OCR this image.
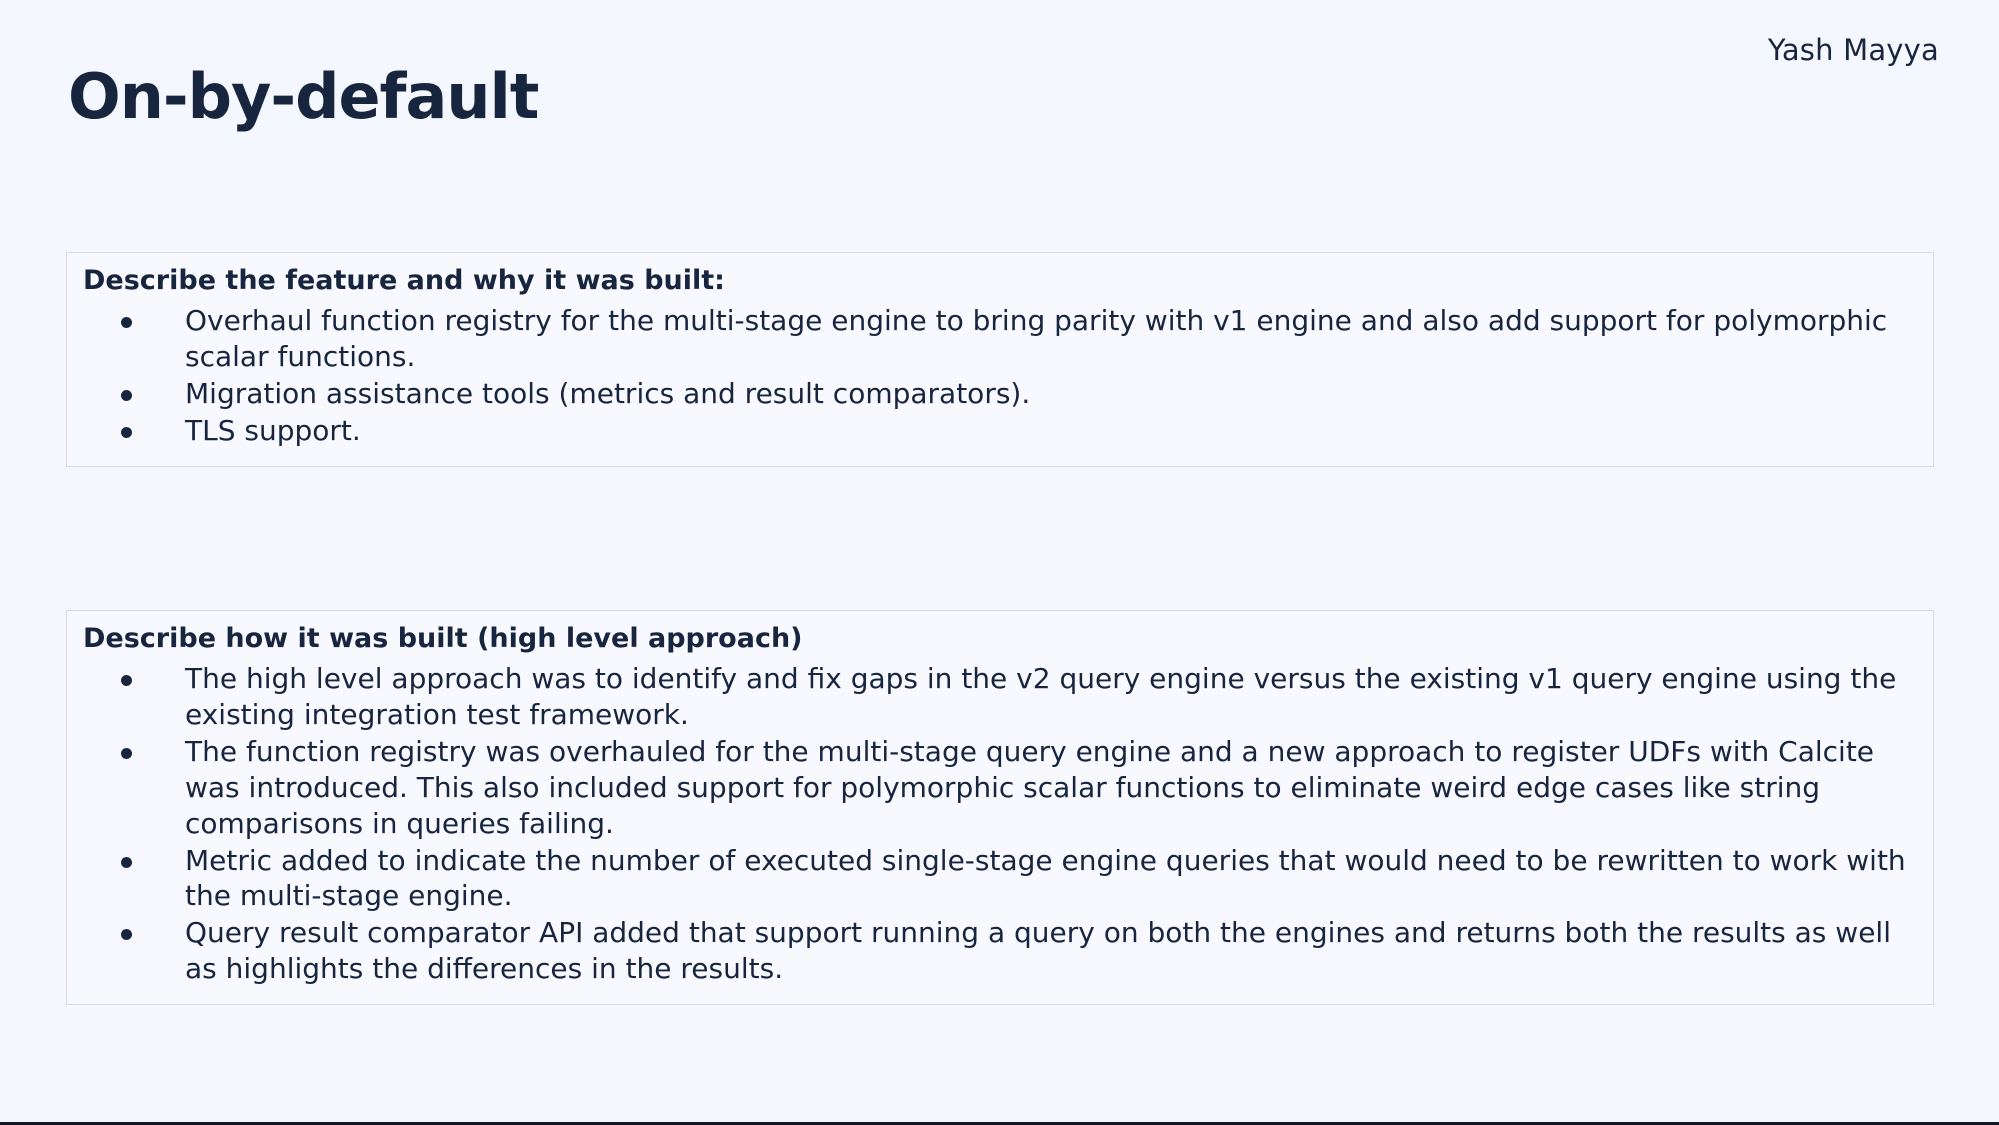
Yash Mayya
On-by-default
Describe the feature and why it was built:
Overhaul function registry for the multi-stage engine to bring parity with v1 engine and also add support for polymorphic scalar functions.
Migration assistance tools (metrics and result comparators).
TLS support.
Describe how it was built (high level approach)
The high level approach was to identify and fix gaps in the v2 query engine versus the existing v1 query engine using the existing integration test framework.
The function registry was overhauled for the multi-stage query engine and a new approach to register UDFs with Calcite was introduced. This also included support for polymorphic scalar functions to eliminate weird edge cases like string comparisons in queries failing.
Metric added to indicate the number of executed single-stage engine queries that would need to be rewritten to work with the multi-stage engine.
Query result comparator API added that support running a query on both the engines and returns both the results as well as highlights the differences in the results.
